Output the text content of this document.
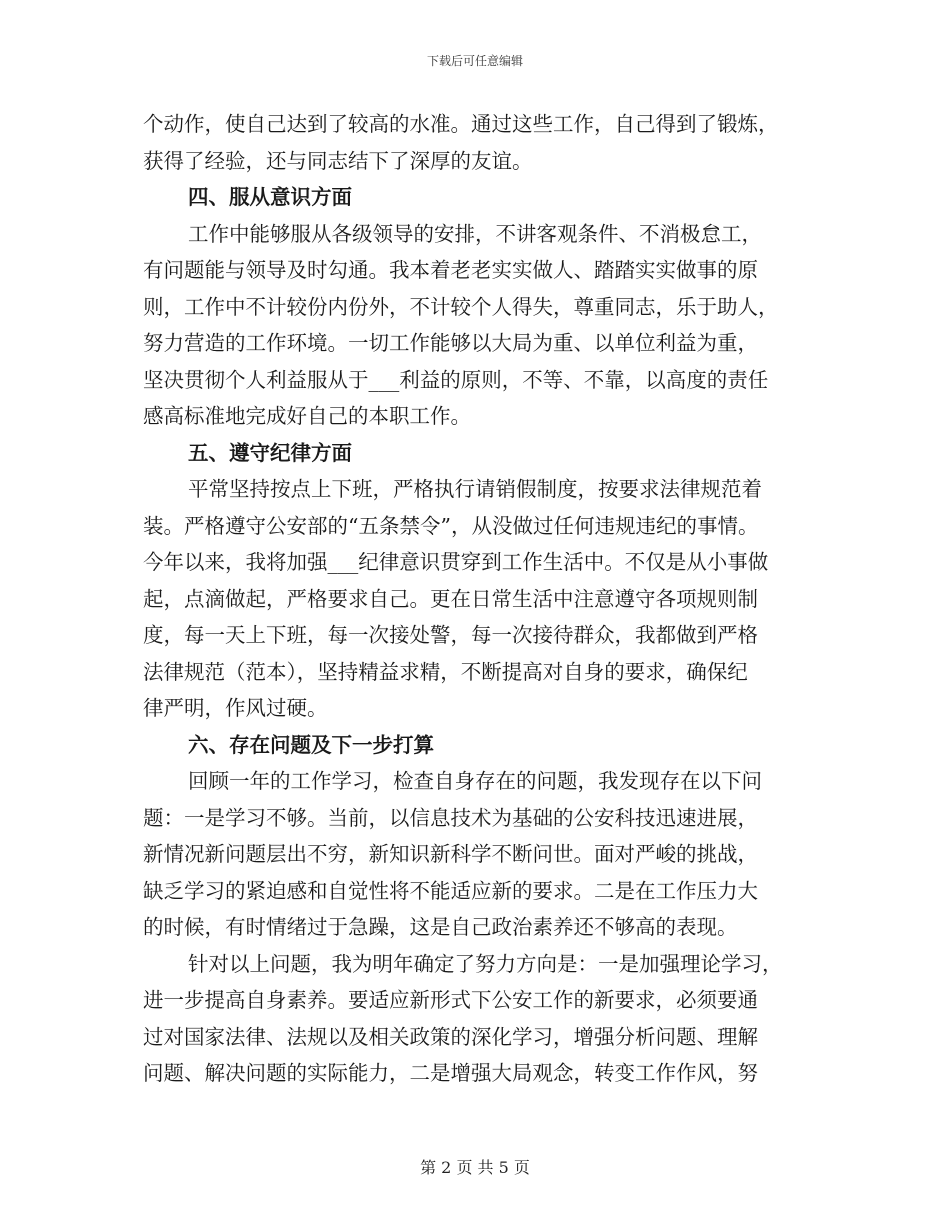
下载后可任意编辑

个动作，使自己达到了较高的水准。通过这些工作，自己得到了锻炼，

获得了经验，还与同志结下了深厚的友谊。

四、服从意识方面

工作中能够服从各级领导的安排，不讲客观条件、不消极怠工，

有问题能与领导及时勾通。我本着老老实实做人、踏踏实实做事的原

则，工作中不计较份内份外，不计较个人得失，尊重同志，乐于助人，

努力营造的工作环境。一切工作能够以大局为重、以单位利益为重，

坚决贯彻个人利益服从于___利益的原则，不等、不靠，以高度的责任

感高标准地完成好自己的本职工作。

五、遵守纪律方面

平常坚持按点上下班，严格执行请销假制度，按要求法律规范着

装。严格遵守公安部的“五条禁令”，从没做过任何违规违纪的事情。

今年以来，我将加强___纪律意识贯穿到工作生活中。不仅是从小事做

起，点滴做起，严格要求自己。更在日常生活中注意遵守各项规则制

度，每一天上下班，每一次接处警，每一次接待群众，我都做到严格

法律规范（范本），坚持精益求精，不断提高对自身的要求，确保纪

律严明，作风过硬。

六、存在问题及下一步打算

回顾一年的工作学习，检查自身存在的问题，我发现存在以下问

题：一是学习不够。当前，以信息技术为基础的公安科技迅速进展，

新情况新问题层出不穷，新知识新科学不断问世。面对严峻的挑战，

缺乏学习的紧迫感和自觉性将不能适应新的要求。二是在工作压力大

的时候，有时情绪过于急躁，这是自己政治素养还不够高的表现。

针对以上问题，我为明年确定了努力方向是：一是加强理论学习，

进一步提高自身素养。要适应新形式下公安工作的新要求，必须要通

过对国家法律、法规以及相关政策的深化学习，增强分析问题、理解

问题、解决问题的实际能力，二是增强大局观念，转变工作作风，努

第 2 页 共 5 页
